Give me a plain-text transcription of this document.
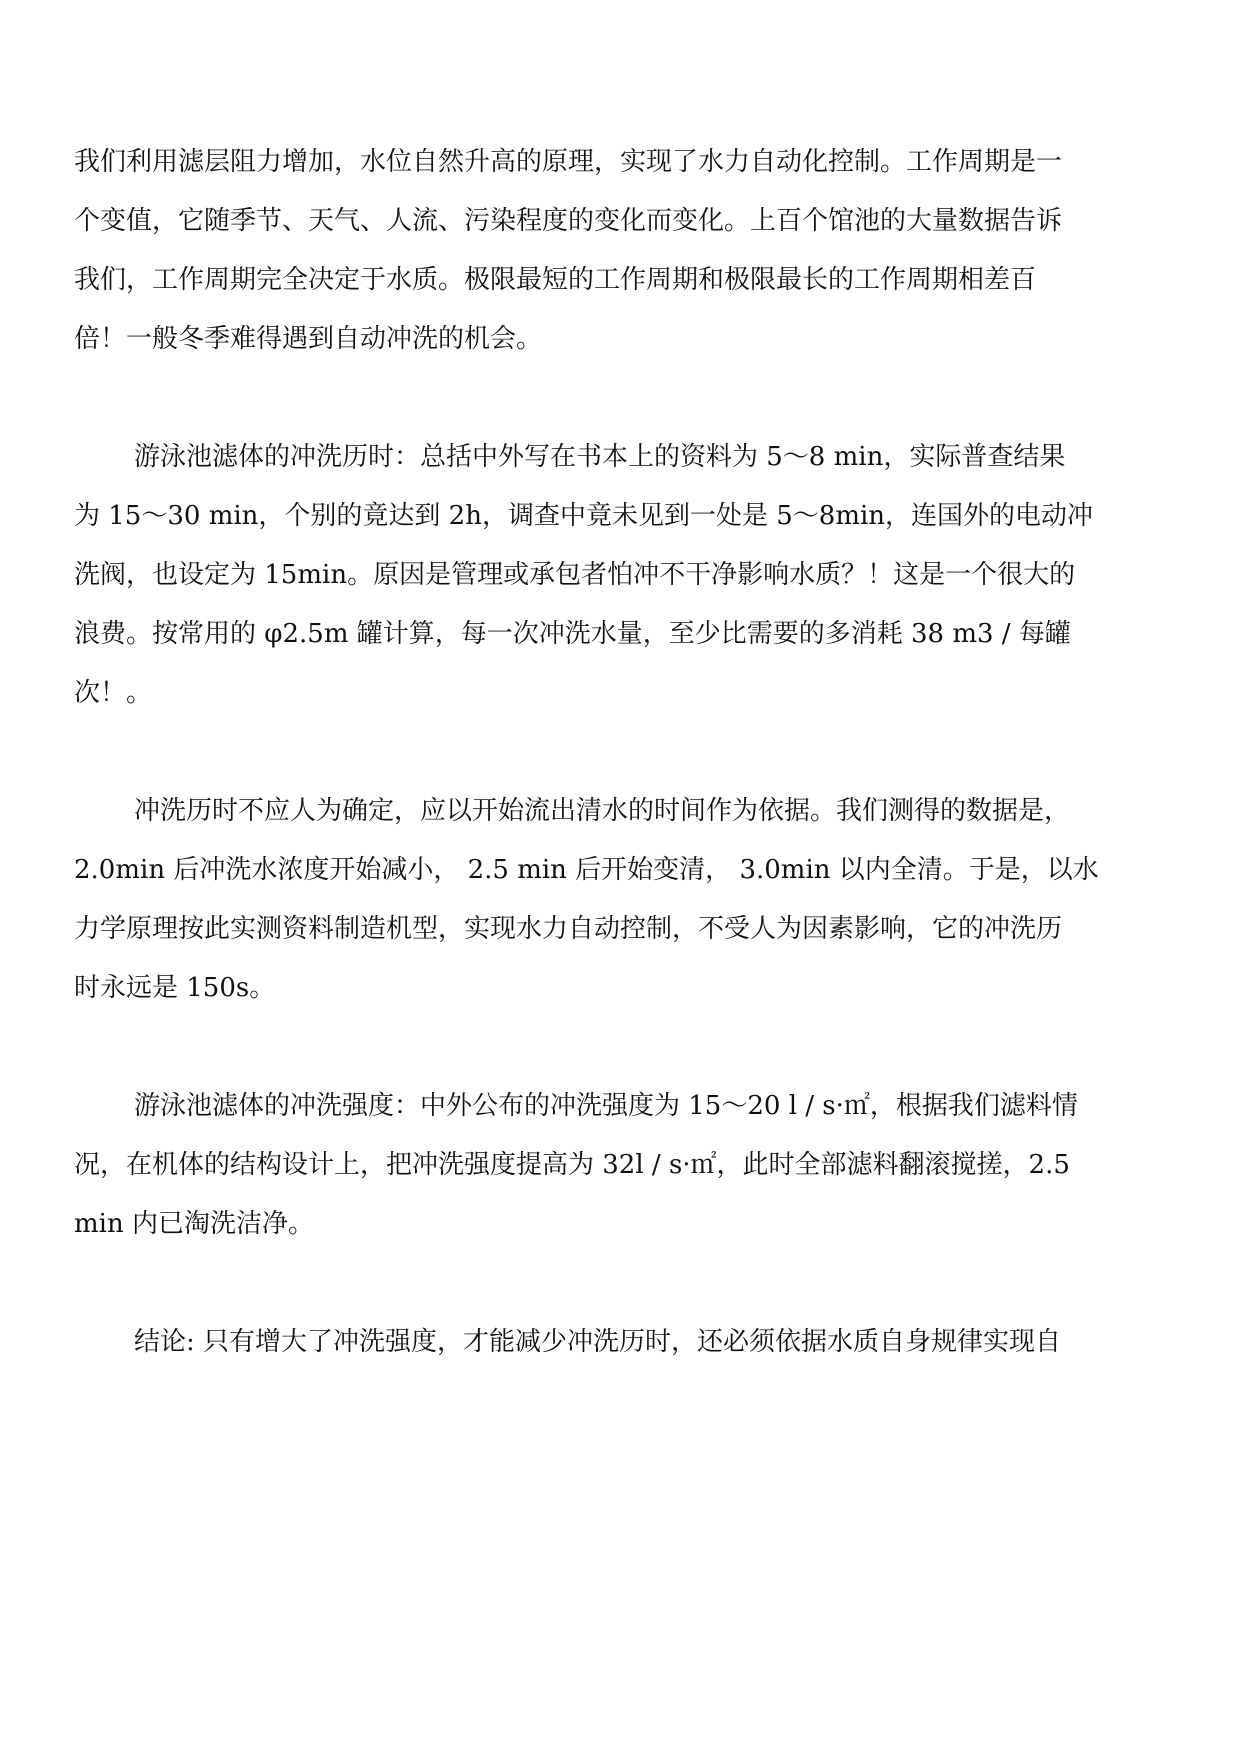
我们利用滤层阻力增加，水位自然升高的原理，实现了水力自动化控制。工作周期是一
个变值，它随季节、天气、人流、污染程度的变化而变化。上百个馆池的大量数据告诉
我们，工作周期完全决定于水质。极限最短的工作周期和极限最长的工作周期相差百
倍！一般冬季难得遇到自动冲洗的机会。
游泳池滤体的冲洗历时：总括中外写在书本上的资料为 5～8 min，实际普查结果
为 15～30 min，个别的竟达到 2h，调查中竟未见到一处是 5～8min，连国外的电动冲
洗阀，也设定为 15min。原因是管理或承包者怕冲不干净影响水质？！这是一个很大的
浪费。按常用的 φ2.5m 罐计算，每一次冲洗水量，至少比需要的多消耗 38 m3 / 每罐
次！。
冲洗历时不应人为确定，应以开始流出清水的时间作为依据。我们测得的数据是，
2.0min 后冲洗水浓度开始减小， 2.5 min 后开始变清， 3.0min 以内全清。于是，以水
力学原理按此实测资料制造机型，实现水力自动控制，不受人为因素影响，它的冲洗历
时永远是 150s。
游泳池滤体的冲洗强度：中外公布的冲洗强度为 15～20 l / s·㎡，根据我们滤料情
况，在机体的结构设计上，把冲洗强度提高为 32l / s·㎡，此时全部滤料翻滚搅搓，2.5
min 内已淘洗洁净。
结论: 只有增大了冲洗强度，才能减少冲洗历时，还必须依据水质自身规律实现自
